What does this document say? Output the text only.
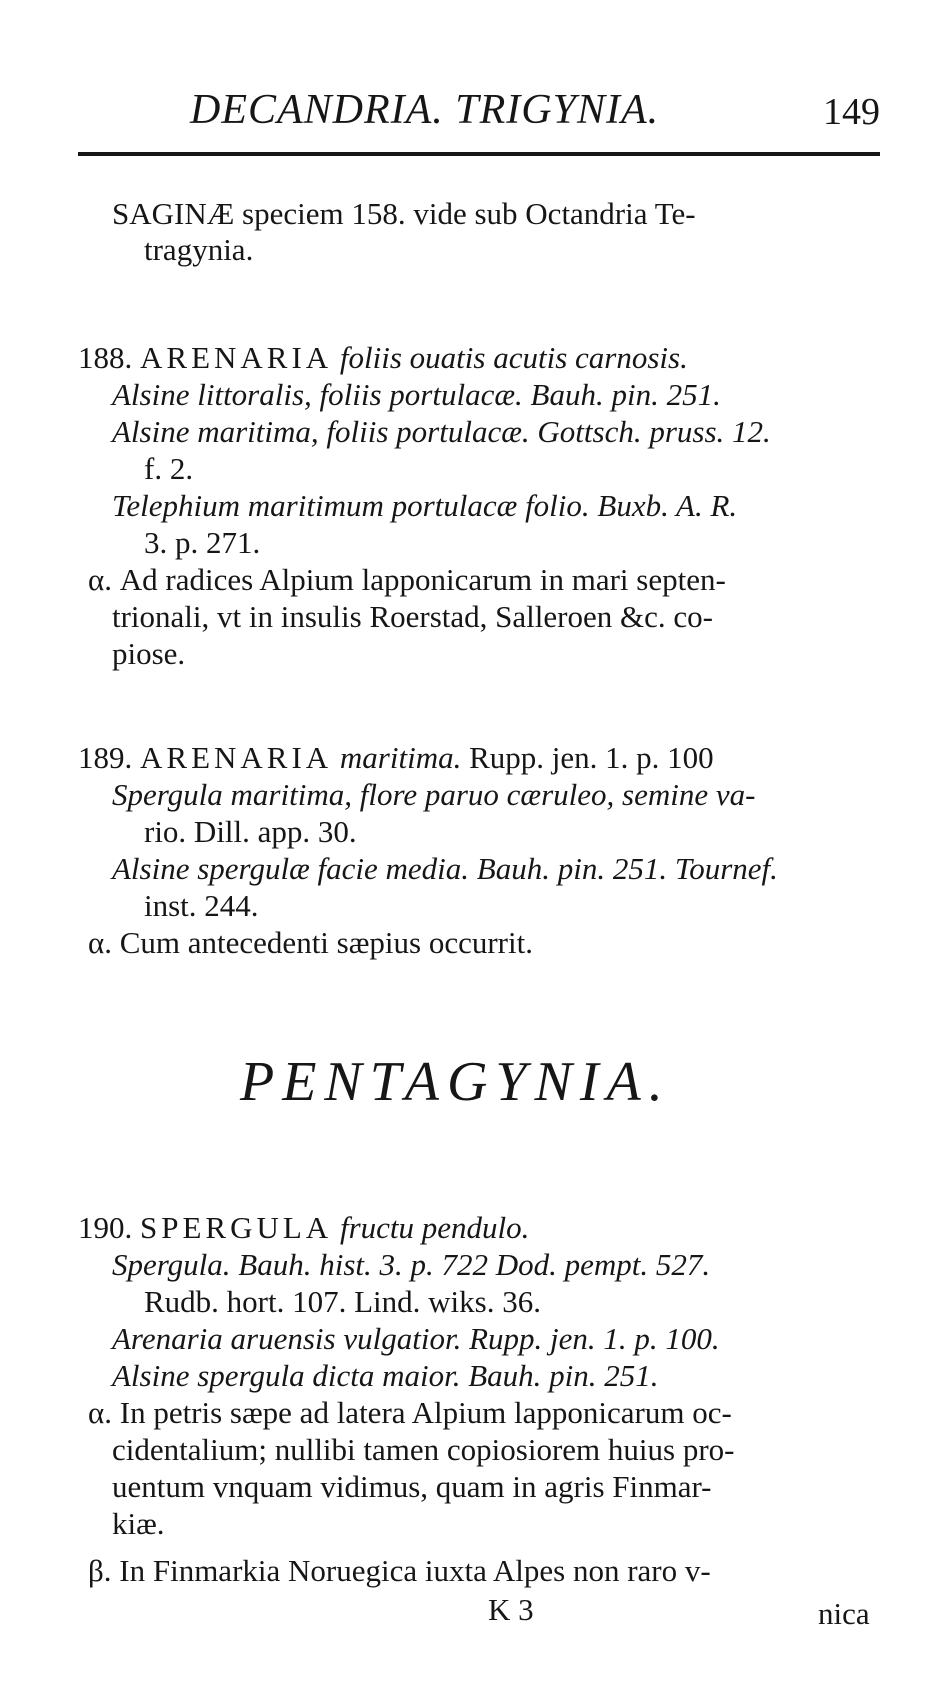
DECANDRIA. TRIGYNIA.	149
SAGINÆ speciem 158. vide sub Octandria Te-
tragynia.
188. ARENARIA foliis ouatis acutis carnosis.
Alsine littoralis, foliis portulacæ. Bauh. pin. 251.
Alsine maritima, foliis portulacæ. Gottsch. pruss. 12.
f. 2.
Telephium maritimum portulacæ folio. Buxb. A. R.
3. p. 271.
α. Ad radices Alpium lapponicarum in mari septen-
trionali, vt in insulis Roerstad, Salleroen &c. co-
piose.
189. ARENARIA maritima. Rupp. jen. 1. p. 100
Spergula maritima, flore paruo cæruleo, semine va-
rio. Dill. app. 30.
Alsine spergulæ facie media. Bauh. pin. 251. Tournef.
inst. 244.
α. Cum antecedenti sæpius occurrit.
PENTAGYNIA.
190. SPERGULA fructu pendulo.
Spergula. Bauh. hist. 3. p. 722 Dod. pempt. 527.
Rudb. hort. 107. Lind. wiks. 36.
Arenaria aruensis vulgatior. Rupp. jen. 1. p. 100.
Alsine spergula dicta maior. Bauh. pin. 251.
α. In petris sæpe ad latera Alpium lapponicarum oc-
cidentalium; nullibi tamen copiosiorem huius pro-
uentum vnquam vidimus, quam in agris Finmar-
kiæ.
β. In Finmarkia Noruegica iuxta Alpes non raro v-
K 3	nica
